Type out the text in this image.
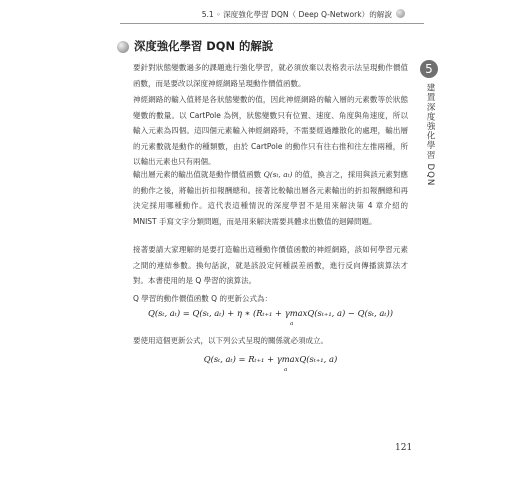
5.1 ◦ 深度強化學習 DQN（ Deep Q-Network）的解說
深度強化學習 DQN 的解說
5
建置深度強化學習 DQN

要針對狀態變數過多的課題進行強化學習，就必須放棄以表格表示法呈現動作價值函數，而是要改以深度神經網路呈現動作價值函數。

神經網路的輸入值將是各狀態變數的值，因此神經網路的輸入層的元素數等於狀態變數的數量。以 CartPole 為例，狀態變數只有位置、速度、角度與角速度，所以輸入元素為四個。這四個元素輸入神經網路時，不需要經過離散化的處理，輸出層的元素數就是動作的種類數，由於 CartPole 的動作只有往右推和往左推兩種，所以輸出元素也只有兩個。

輸出層元素的輸出值就是動作價值函數 Q(sₜ, aₜ) 的值，換言之，採用與該元素對應的動作之後，將輸出折扣報酬總和。接著比較輸出層各元素輸出的折扣報酬總和再決定採用哪種動作。這代表這種情況的深度學習不是用來解決第 4 章介紹的 MNIST 手寫文字分類問題，而是用來解決需要具體求出數值的迴歸問題。

接著要請大家理解的是要打造輸出這種動作價值函數的神經網路，該如何學習元素之間的連結參數。換句話說，就是該設定何種誤差函數，進行反向傳播演算法才對。本書使用的是 Q 學習的演算法。

Q 學習的動作價值函數 Q 的更新公式為：

Q(sₜ, aₜ) = Q(sₜ, aₜ) + η ∗ (Rₜ₊₁ + γmaxQ(sₜ₊₁, a) − Q(sₜ, aₜ))
a

要使用這個更新公式，以下列公式呈現的關係就必須成立。

Q(sₜ, aₜ) = Rₜ₊₁ + γmaxQ(sₜ₊₁, a)
a
121
